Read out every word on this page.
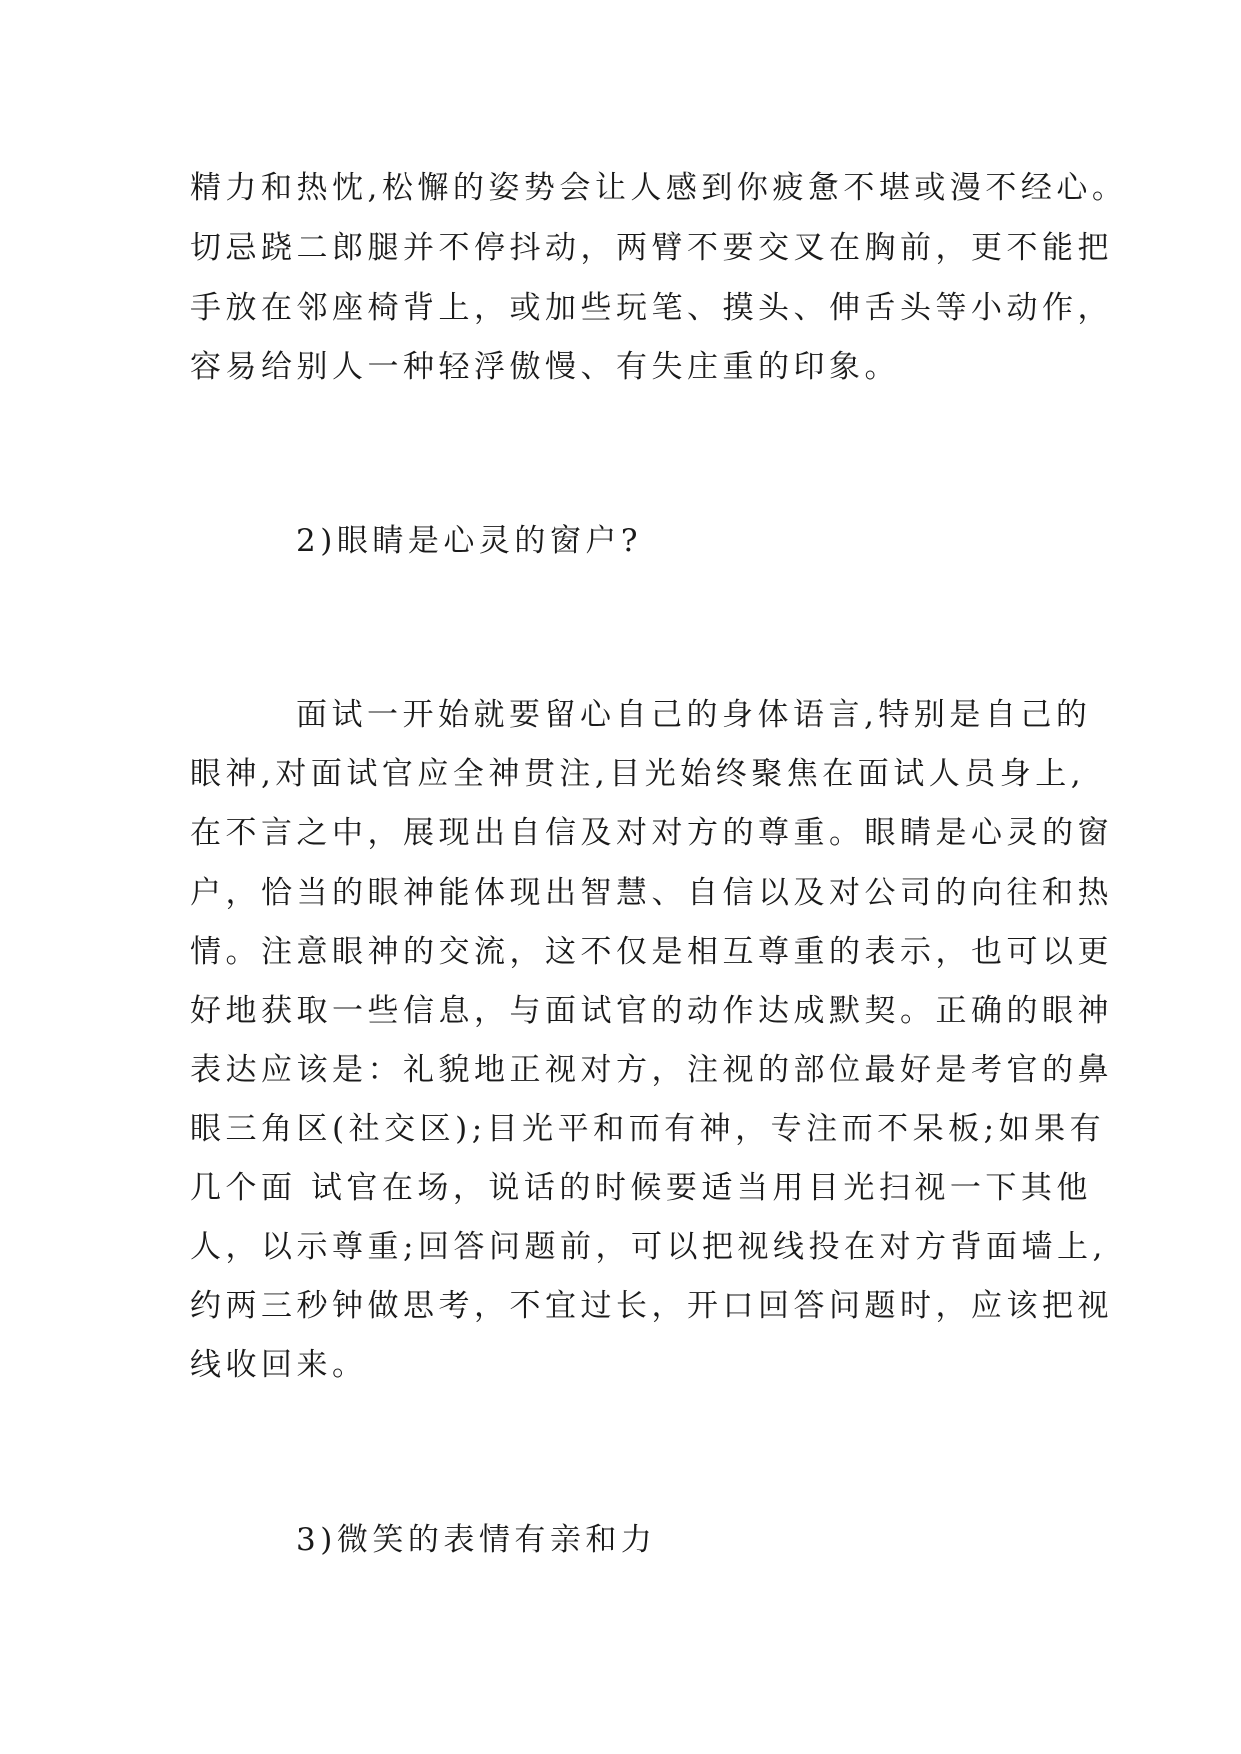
精力和热忱,松懈的姿势会让人感到你疲惫不堪或漫不经心。
切忌跷二郎腿并不停抖动，两臂不要交叉在胸前，更不能把
手放在邻座椅背上，或加些玩笔、摸头、伸舌头等小动作，
容易给别人一种轻浮傲慢、有失庄重的印象。
2)眼睛是心灵的窗户?
面试一开始就要留心自己的身体语言,特别是自己的
眼神,对面试官应全神贯注,目光始终聚焦在面试人员身上,
在不言之中，展现出自信及对对方的尊重。眼睛是心灵的窗
户，恰当的眼神能体现出智慧、自信以及对公司的向往和热
情。注意眼神的交流，这不仅是相互尊重的表示，也可以更
好地获取一些信息，与面试官的动作达成默契。正确的眼神
表达应该是：礼貌地正视对方，注视的部位最好是考官的鼻
眼三角区(社交区);目光平和而有神，专注而不呆板;如果有
几个面 试官在场，说话的时候要适当用目光扫视一下其他
人，以示尊重;回答问题前，可以把视线投在对方背面墙上,
约两三秒钟做思考，不宜过长，开口回答问题时，应该把视
线收回来。
3)微笑的表情有亲和力
